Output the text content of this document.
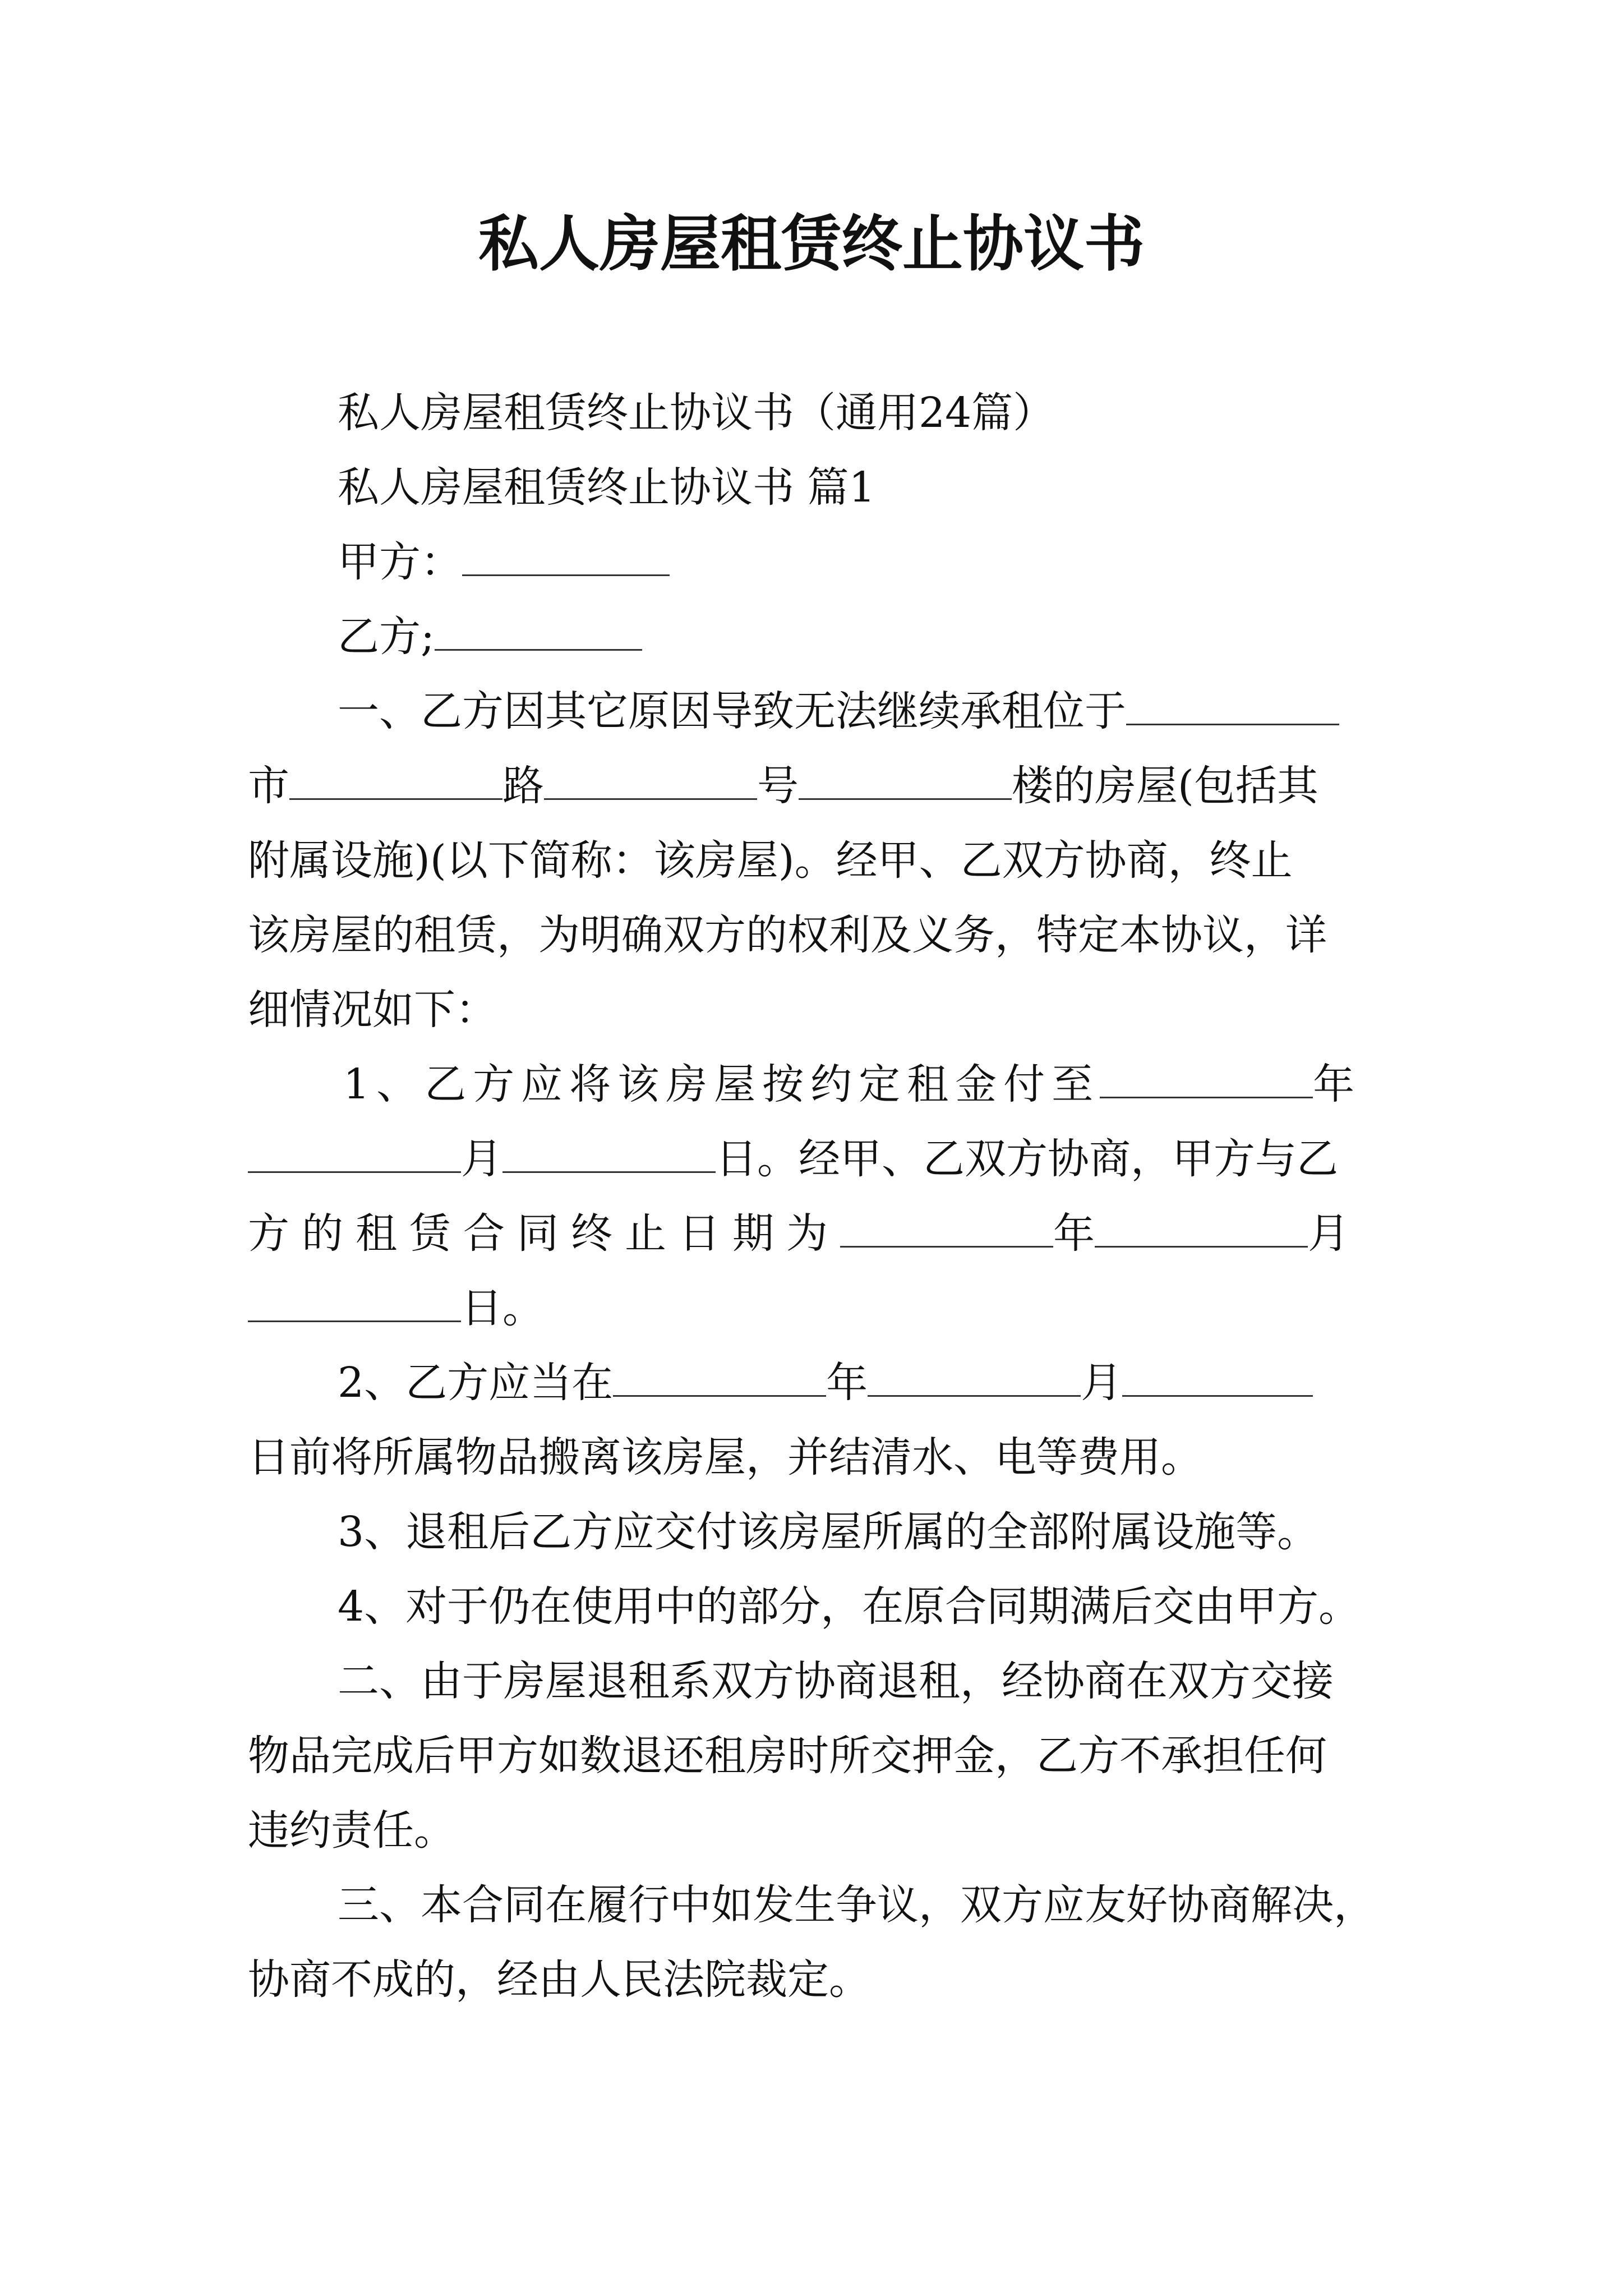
私人房屋租赁终止协议书
私人房屋租赁终止协议书（通用24篇）
私人房屋租赁终止协议书 篇1
甲方：
乙方;
一、乙方因其它原因导致无法继续承租位于
市	路	号	楼的房屋(包括其
附属设施)(以下简称：该房屋)。经甲、乙双方协商，终止
该房屋的租赁，为明确双方的权利及义务，特定本协议，详
细情况如下：
1、乙方应将该房屋按约定租金付至	年
月	日。经甲、乙双方协商，甲方与乙
方的租赁合同终止日期为	年	月
日。
2、乙方应当在	年	月
日前将所属物品搬离该房屋，并结清水、电等费用。
3、退租后乙方应交付该房屋所属的全部附属设施等。
4、对于仍在使用中的部分，在原合同期满后交由甲方。
二、由于房屋退租系双方协商退租，经协商在双方交接
物品完成后甲方如数退还租房时所交押金，乙方不承担任何
违约责任。
三、本合同在履行中如发生争议，双方应友好协商解决，
协商不成的，经由人民法院裁定。
